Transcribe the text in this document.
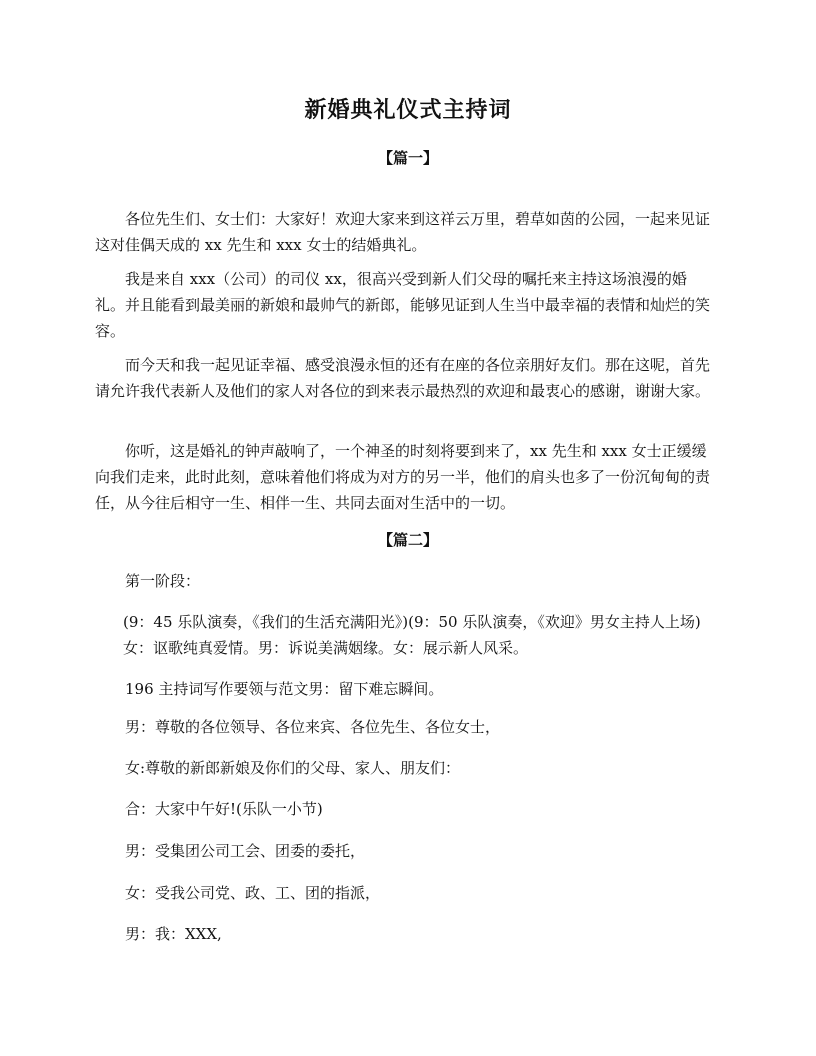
新婚典礼仪式主持词
【篇一】
各位先生们、女士们：大家好！欢迎大家来到这祥云万里，碧草如茵的公园，一起来见证这对佳偶天成的 xx 先生和 xxx 女士的结婚典礼。
我是来自 xxx（公司）的司仪 xx，很高兴受到新人们父母的嘱托来主持这场浪漫的婚礼。并且能看到最美丽的新娘和最帅气的新郎，能够见证到人生当中最幸福的表情和灿烂的笑容。
而今天和我一起见证幸福、感受浪漫永恒的还有在座的各位亲朋好友们。那在这呢，首先请允许我代表新人及他们的家人对各位的到来表示最热烈的欢迎和最衷心的感谢，谢谢大家。
你听，这是婚礼的钟声敲响了，一个神圣的时刻将要到来了，xx 先生和 xxx 女士正缓缓向我们走来，此时此刻，意味着他们将成为对方的另一半，他们的肩头也多了一份沉甸甸的责任，从今往后相守一生、相伴一生、共同去面对生活中的一切。
【篇二】
第一阶段：
(9：45 乐队演奏，《我们的生活充满阳光》)(9：50 乐队演奏，《欢迎》男女主持人上场)女：讴歌纯真爱情。男：诉说美满姻缘。女：展示新人风采。
196 主持词写作要领与范文男：留下难忘瞬间。
男：尊敬的各位领导、各位来宾、各位先生、各位女士，
女:尊敬的新郎新娘及你们的父母、家人、朋友们：
合：大家中午好!(乐队一小节)
男：受集团公司工会、团委的委托，
女：受我公司党、政、工、团的指派，
男：我：XXX,
